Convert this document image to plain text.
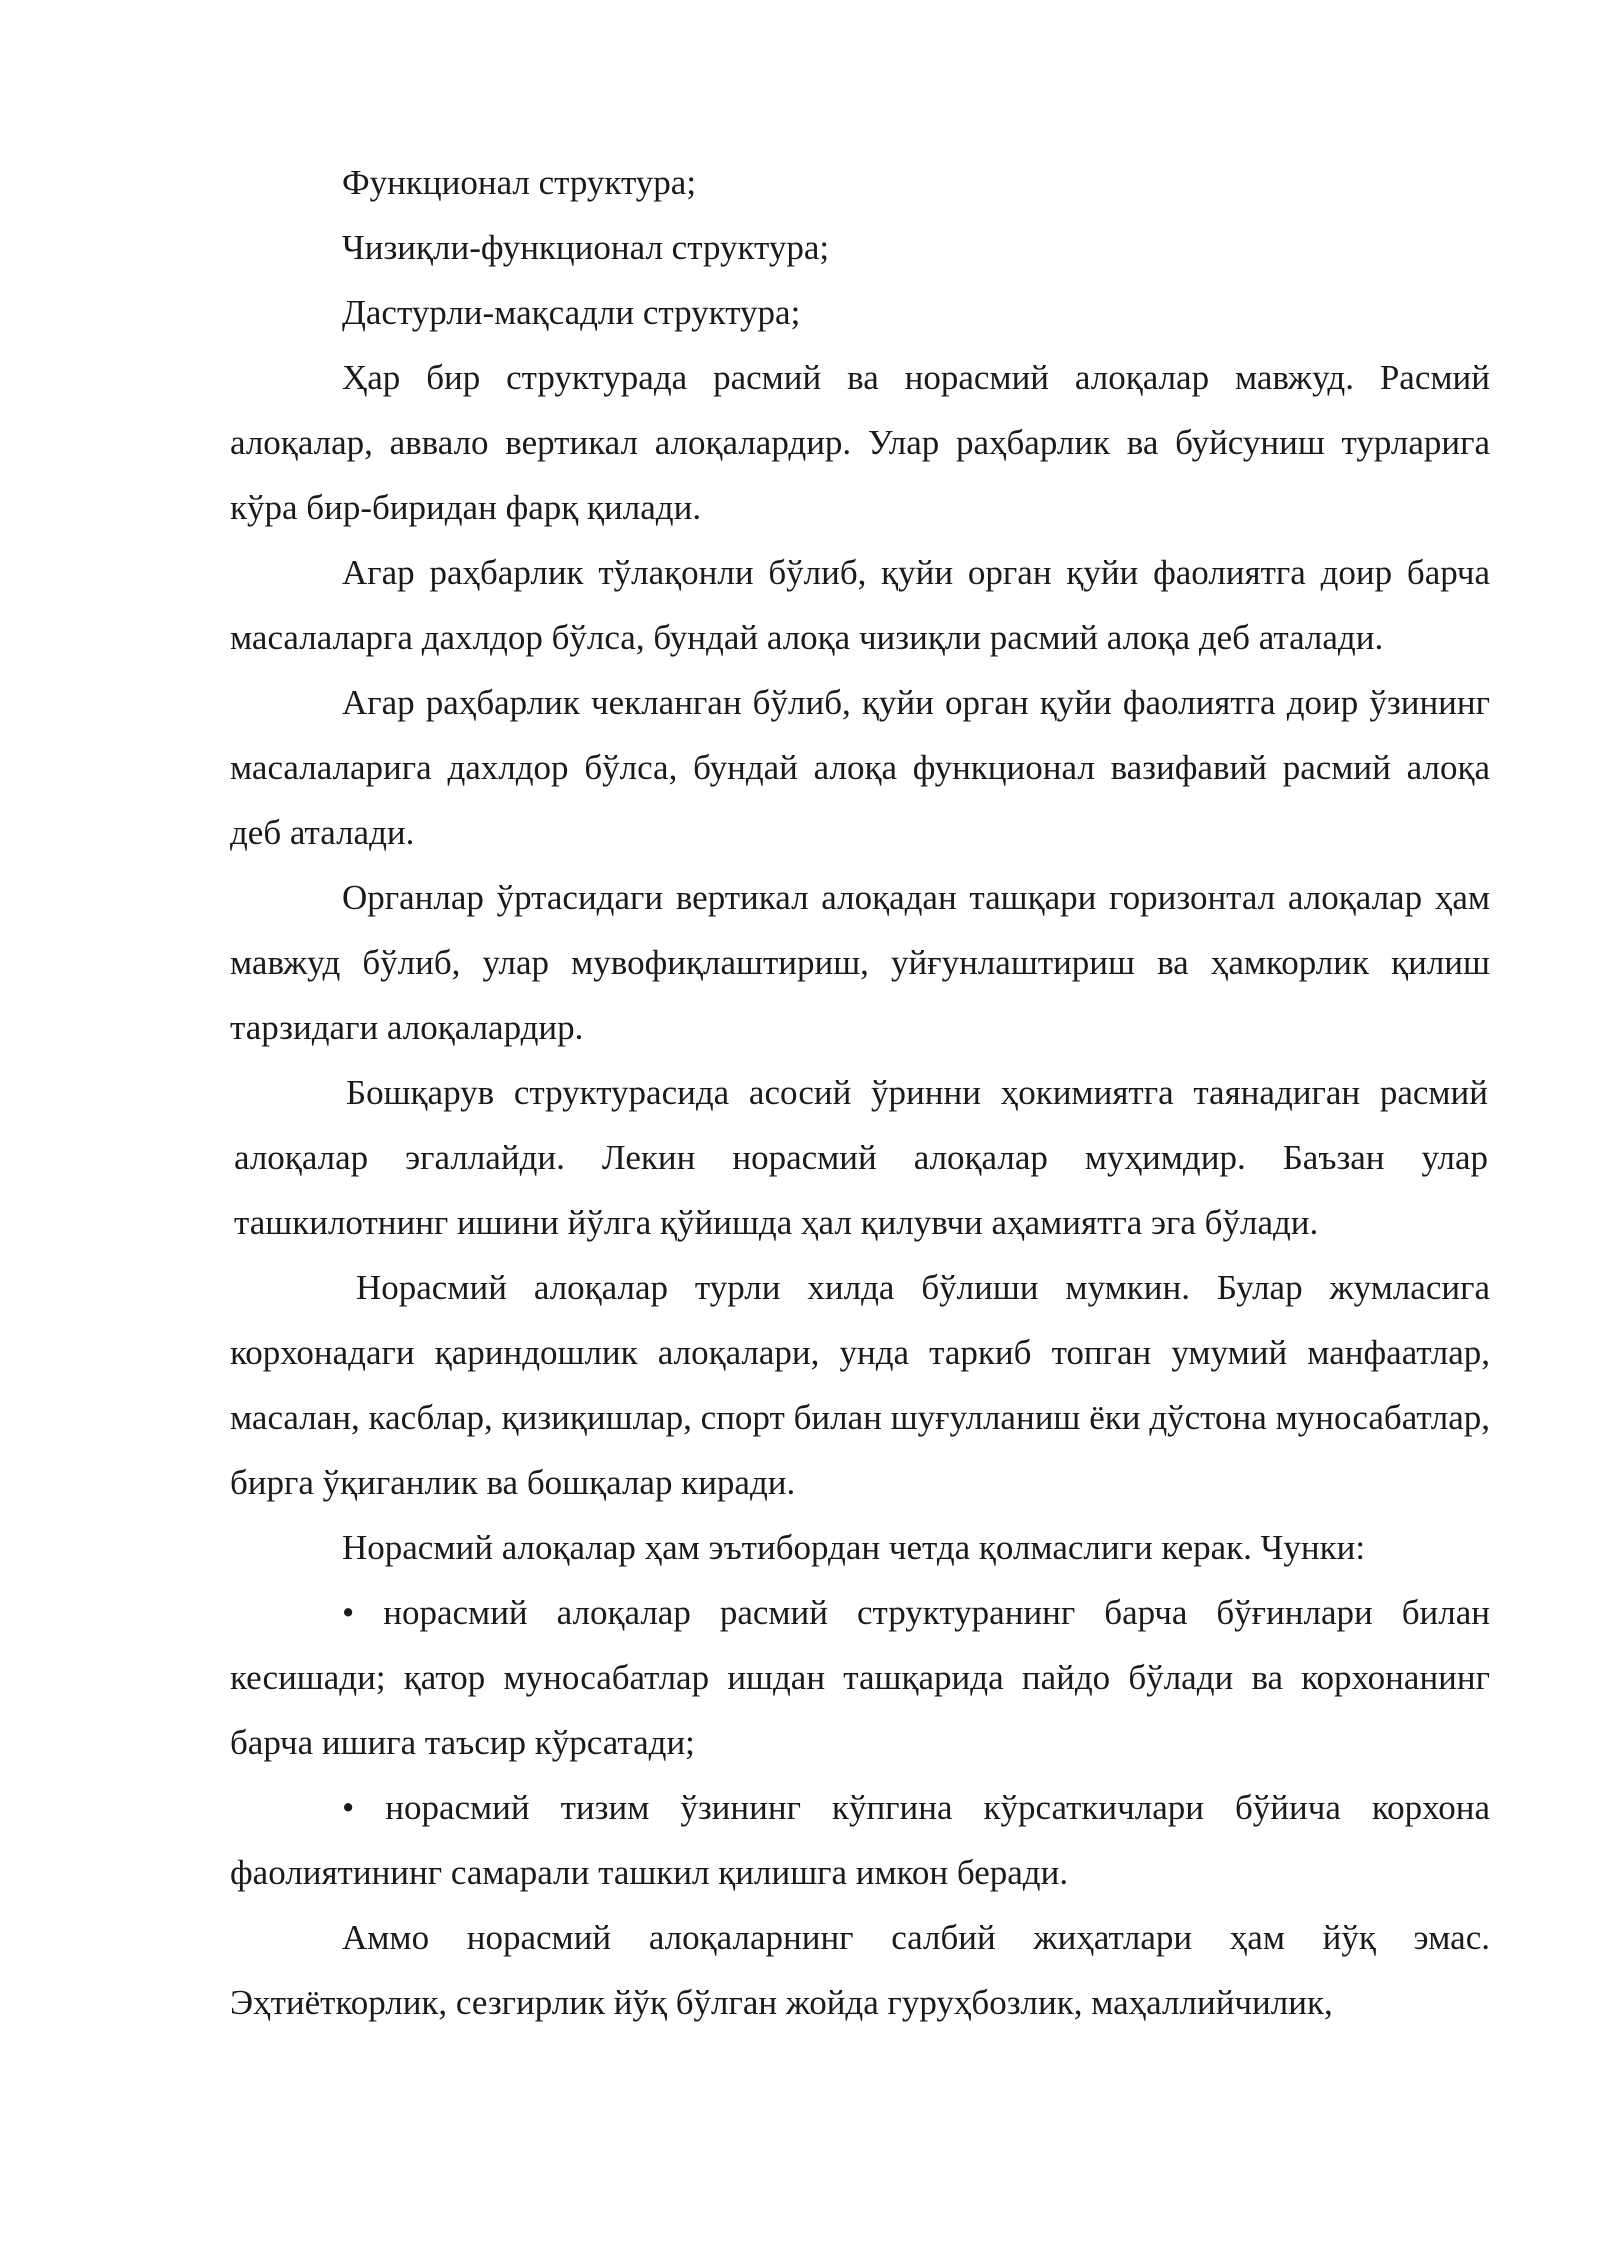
Функционал структура;

Чизиқли-функционал структура;

Дастурли-мақсадли структура;

Ҳар бир структурада расмий ва норасмий алоқалар мавжуд. Расмий алоқалар, аввало вертикал алоқалардир. Улар раҳбарлик ва буйсуниш турларига кўра бир-биридан фарқ қилади.

Агар раҳбарлик тўлақонли бўлиб, қуйи орган қуйи фаолиятга доир барча масалаларга дахлдор бўлса, бундай алоқа чизиқли расмий алоқа деб аталади.

Агар раҳбарлик чекланган бўлиб, қуйи орган қуйи фаолиятга доир ўзининг масалаларига дахлдор бўлса, бундай алоқа функционал вазифавий расмий алоқа деб аталади.

Органлар ўртасидаги вертикал алоқадан ташқари горизонтал алоқалар ҳам мавжуд бўлиб, улар мувофиқлаштириш, уйғунлаштириш ва ҳамкорлик қилиш тарзидаги алоқалардир.

Бошқарув структурасида асосий ўринни ҳокимиятга таянадиган расмий алоқалар эгаллайди. Лекин норасмий алоқалар муҳимдир. Баъзан улар ташкилотнинг ишини йўлга қўйишда ҳал қилувчи аҳамиятга эга бўлади.

Норасмий алоқалар турли хилда бўлиши мумкин. Булар жумласига корхонадаги қариндошлик алоқалари, унда таркиб топган умумий манфаатлар, масалан, касблар, қизиқишлар, спорт билан шуғулланиш ёки дўстона муносабатлар, бирга ўқиганлик ва бошқалар киради.

Норасмий алоқалар ҳам эътибордан четда қолмаслиги керак. Чунки:

• норасмий алоқалар расмий структуранинг барча бўғинлари билан кесишади; қатор муносабатлар ишдан ташқарида пайдо бўлади ва корхонанинг барча ишига таъсир кўрсатади;

• норасмий тизим ўзининг кўпгина кўрсаткичлари бўйича корхона фаолиятининг самарали ташкил қилишга имкон беради.

Аммо норасмий алоқаларнинг салбий жиҳатлари ҳам йўқ эмас. Эҳтиёткорлик, сезгирлик йўқ бўлган жойда гуруҳбозлик, маҳаллийчилик,
